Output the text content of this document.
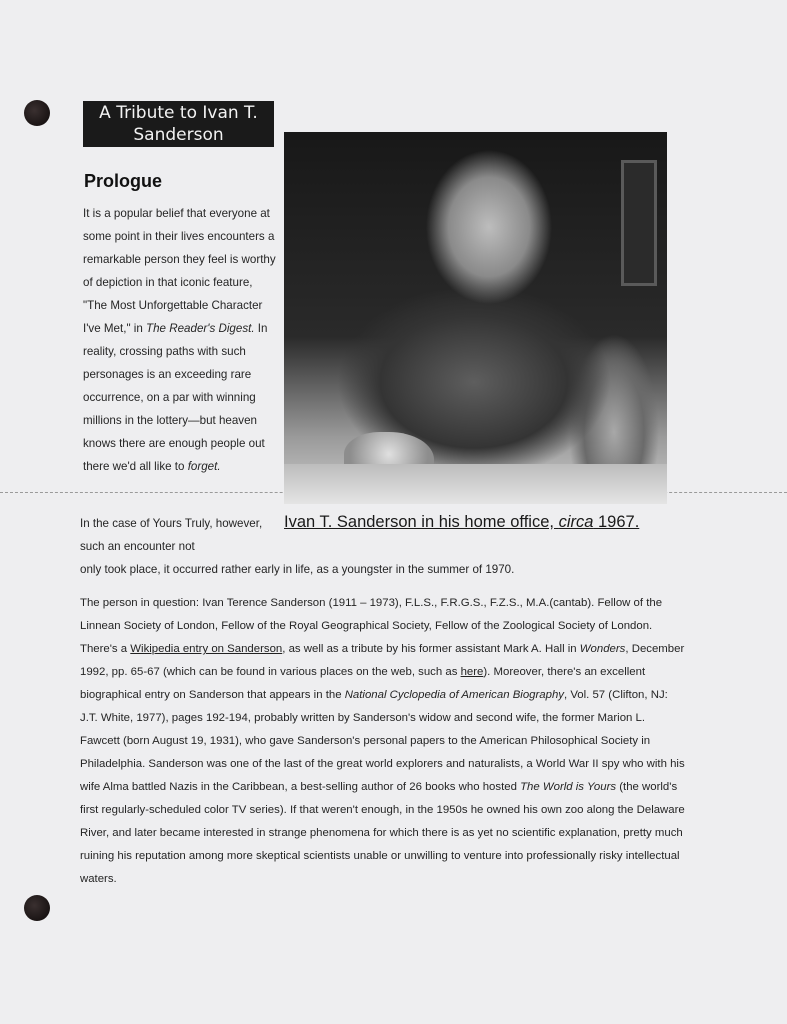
A Tribute to Ivan T.
Sanderson
Prologue
It is a popular belief that everyone at some point in their lives encounters a remarkable person they feel is worthy of depiction in that iconic feature, "The Most Unforgettable Character I've Met," in The Reader's Digest. In reality, crossing paths with such personages is an exceeding rare occurrence, on a par with winning millions in the lottery—but heaven knows there are enough people out there we'd all like to forget.
Ivan T. Sanderson in his home office, circa 1967.
In the case of Yours Truly, however, such an encounter not
only took place, it occurred rather early in life, as a youngster in the summer of 1970.
The person in question: Ivan Terence Sanderson (1911 – 1973), F.L.S., F.R.G.S., F.Z.S., M.A.(cantab). Fellow of the Linnean Society of London, Fellow of the Royal Geographical Society, Fellow of the Zoological Society of London. There's a Wikipedia entry on Sanderson, as well as a tribute by his former assistant Mark A. Hall in Wonders, December 1992, pp. 65-67 (which can be found in various places on the web, such as here). Moreover, there's an excellent biographical entry on Sanderson that appears in the National Cyclopedia of American Biography, Vol. 57 (Clifton, NJ: J.T. White, 1977), pages 192-194, probably written by Sanderson's widow and second wife, the former Marion L. Fawcett (born August 19, 1931), who gave Sanderson's personal papers to the American Philosophical Society in Philadelphia. Sanderson was one of the last of the great world explorers and naturalists, a World War II spy who with his wife Alma battled Nazis in the Caribbean, a best-selling author of 26 books who hosted The World is Yours (the world's first regularly-scheduled color TV series). If that weren't enough, in the 1950s he owned his own zoo along the Delaware River, and later became interested in strange phenomena for which there is as yet no scientific explanation, pretty much ruining his reputation among more skeptical scientists unable or unwilling to venture into professionally risky intellectual waters.
